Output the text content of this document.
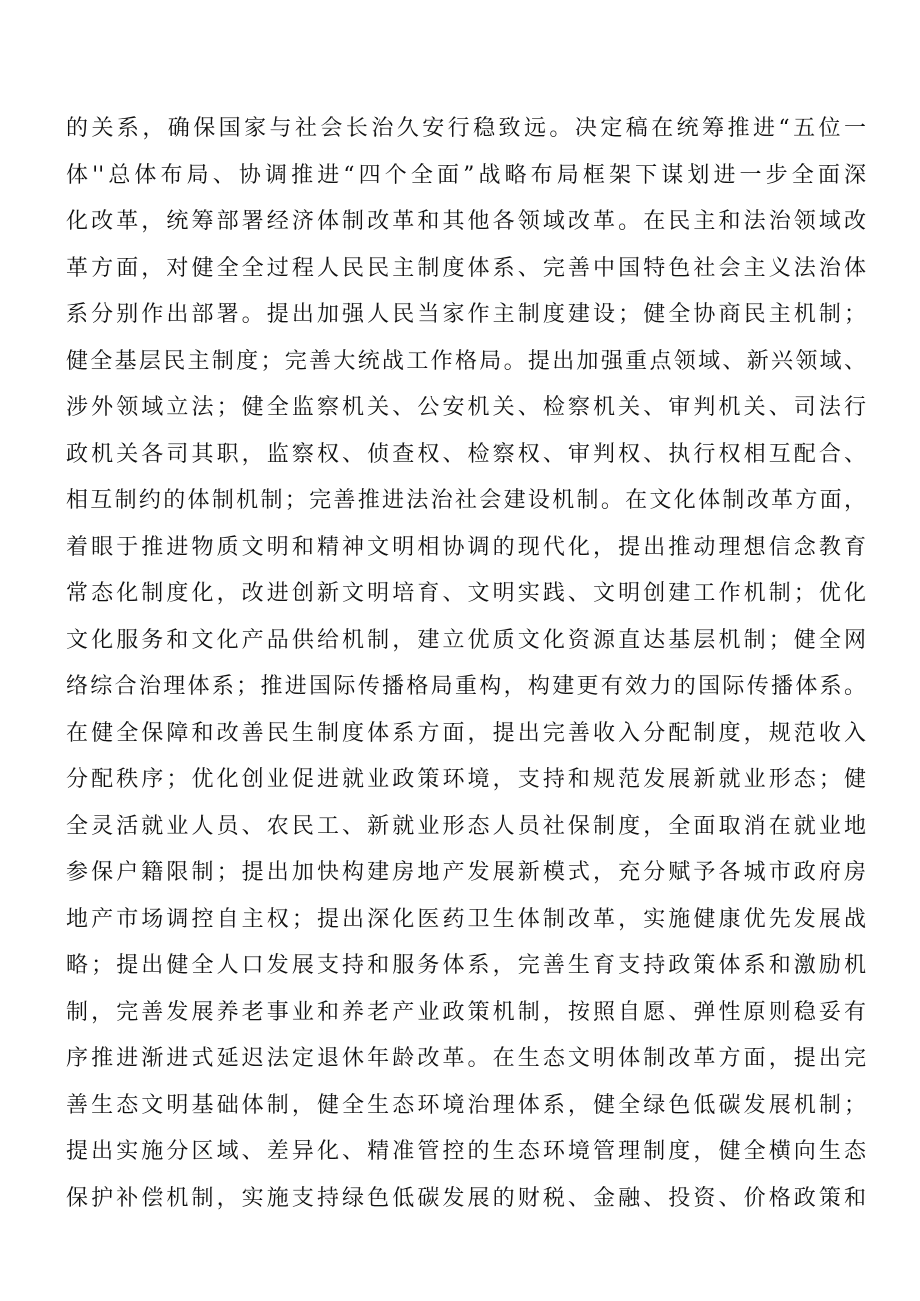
的关系，确保国家与社会长治久安行稳致远。决定稿在统筹推进“五位一
体''总体布局、协调推进“四个全面”战略布局框架下谋划进一步全面深
化改革，统筹部署经济体制改革和其他各领域改革。在民主和法治领域改
革方面，对健全全过程人民民主制度体系、完善中国特色社会主义法治体
系分别作出部署。提出加强人民当家作主制度建设；健全协商民主机制；
健全基层民主制度；完善大统战工作格局。提出加强重点领域、新兴领域、
涉外领域立法；健全监察机关、公安机关、检察机关、审判机关、司法行
政机关各司其职，监察权、侦查权、检察权、审判权、执行权相互配合、
相互制约的体制机制；完善推进法治社会建设机制。在文化体制改革方面，
着眼于推进物质文明和精神文明相协调的现代化，提出推动理想信念教育
常态化制度化，改进创新文明培育、文明实践、文明创建工作机制；优化
文化服务和文化产品供给机制，建立优质文化资源直达基层机制；健全网
络综合治理体系；推进国际传播格局重构，构建更有效力的国际传播体系。
在健全保障和改善民生制度体系方面，提出完善收入分配制度，规范收入
分配秩序；优化创业促进就业政策环境，支持和规范发展新就业形态；健
全灵活就业人员、农民工、新就业形态人员社保制度，全面取消在就业地
参保户籍限制；提出加快构建房地产发展新模式，充分赋予各城市政府房
地产市场调控自主权；提出深化医药卫生体制改革，实施健康优先发展战
略；提出健全人口发展支持和服务体系，完善生育支持政策体系和激励机
制，完善发展养老事业和养老产业政策机制，按照自愿、弹性原则稳妥有
序推进渐进式延迟法定退休年龄改革。在生态文明体制改革方面，提出完
善生态文明基础体制，健全生态环境治理体系，健全绿色低碳发展机制；
提出实施分区域、差异化、精准管控的生态环境管理制度，健全横向生态
保护补偿机制，实施支持绿色低碳发展的财税、金融、投资、价格政策和
